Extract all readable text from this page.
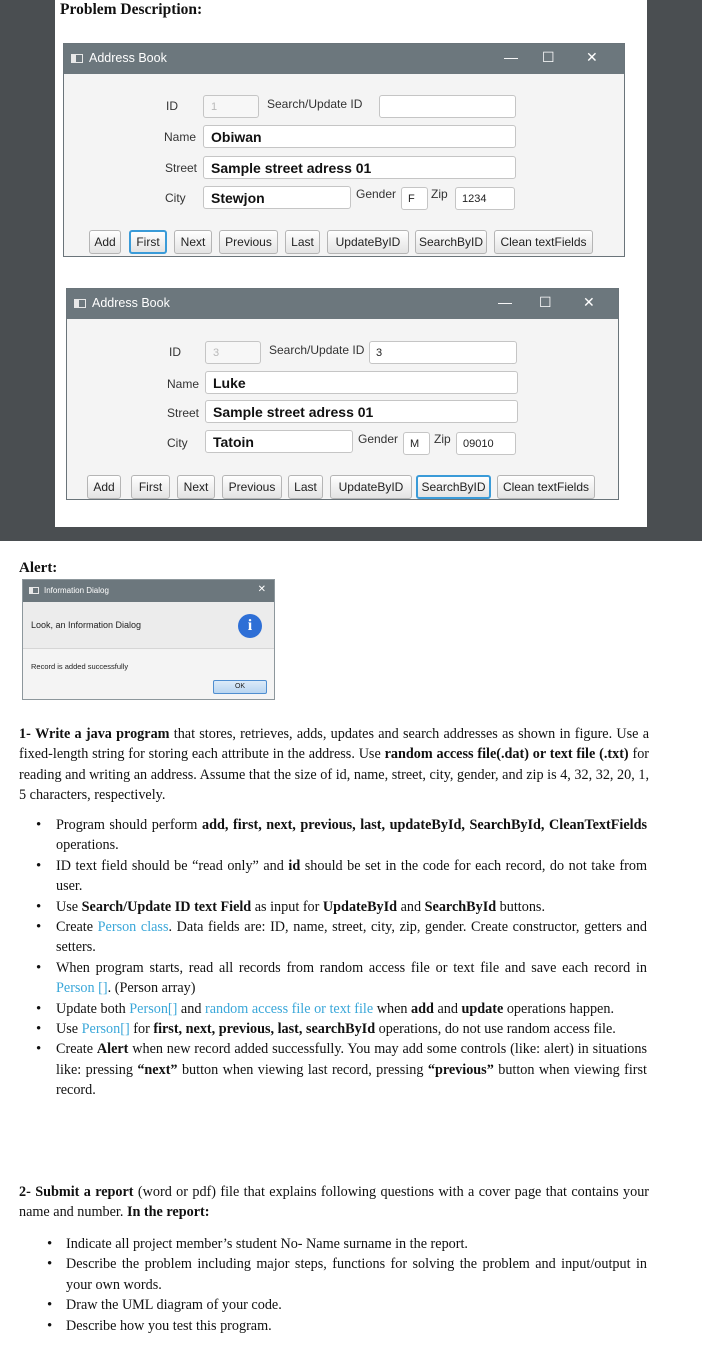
Problem Description:
Address Book	— ☐ ✕
ID	1	Search/Update ID
Name	Obiwan
Street Sample street adress 01
City	Stewjon	Gender	F	Zip	1234
Add	First	Next	Previous	Last	UpdateByID	SearchByID	Clean textFields
Address Book	— ☐ ✕
ID	3	Search/Update ID	3
Name Luke
Street Sample street adress 01
City	Tatoin	Gender	M	Zip	09010
Add	First	Next	Previous	Last	UpdateByID	SearchByID	Clean textFields
Alert:
Information Dialog	✕
Look, an Information Dialog	i
Record is added successfully
OK
1- Write a java program that stores, retrieves, adds, updates and search addresses as shown in figure. Use a fixed-length string for storing each attribute in the address. Use random access file(.dat) or text file (.txt) for reading and writing an address. Assume that the size of id, name, street, city, gender, and zip is 4, 32, 32, 20, 1, 5 characters, respectively.
• Program should perform add, first, next, previous, last, updateById, SearchById, CleanTextFields operations.
• ID text field should be “read only” and id should be set in the code for each record, do not take from user.
• Use Search/Update ID text Field as input for UpdateById and SearchById buttons.
• Create Person class. Data fields are: ID, name, street, city, zip, gender. Create constructor, getters and setters.
• When program starts, read all records from random access file or text file and save each record in Person []. (Person array)
• Update both Person[] and random access file or text file when add and update operations happen.
• Use Person[] for first, next, previous, last, searchById operations, do not use random access file.
• Create Alert when new record added successfully. You may add some controls (like: alert) in situations like: pressing “next” button when viewing last record, pressing “previous” button when viewing first record.
2- Submit a report (word or pdf) file that explains following questions with a cover page that contains your name and number. In the report:
• Indicate all project member’s student No- Name surname in the report.
• Describe the problem including major steps, functions for solving the problem and input/output in your own words.
• Draw the UML diagram of your code.
• Describe how you test this program.
